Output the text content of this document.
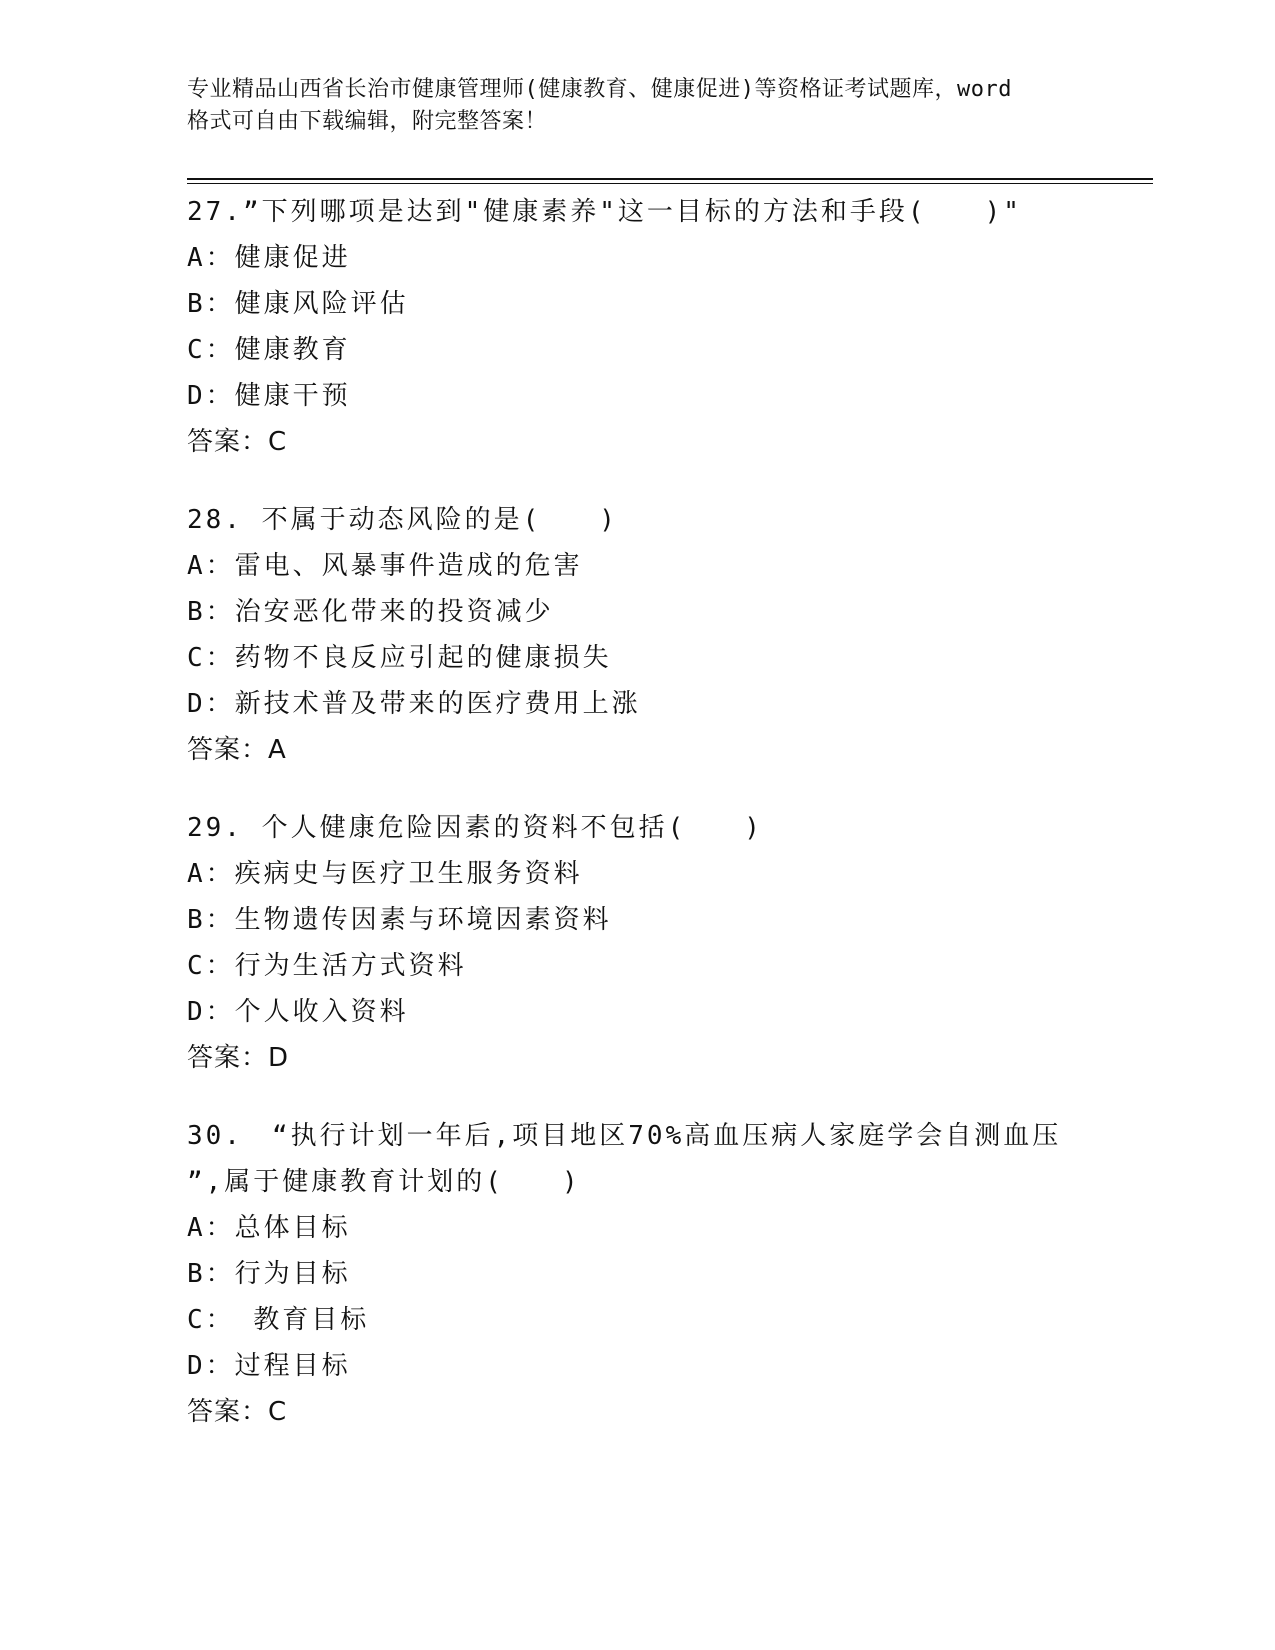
专业精品山西省长治市健康管理师(健康教育、健康促进)等资格证考试题库，word
格式可自由下载编辑，附完整答案！
27.”下列哪项是达到"健康素养"这一目标的方法和手段(　　)"
A：健康促进
B：健康风险评估
C：健康教育
D：健康干预
答案：C
28. 不属于动态风险的是(　　)
A：雷电、风暴事件造成的危害
B：治安恶化带来的投资减少
C：药物不良反应引起的健康损失
D：新技术普及带来的医疗费用上涨
答案：A
29. 个人健康危险因素的资料不包括(　　)
A：疾病史与医疗卫生服务资料
B：生物遗传因素与环境因素资料
C：行为生活方式资料
D：个人收入资料
答案：D
30.　“执行计划一年后,项目地区70%高血压病人家庭学会自测血压
”,属于健康教育计划的(　　)
A：总体目标
B：行为目标
C： 教育目标
D：过程目标
答案：C
